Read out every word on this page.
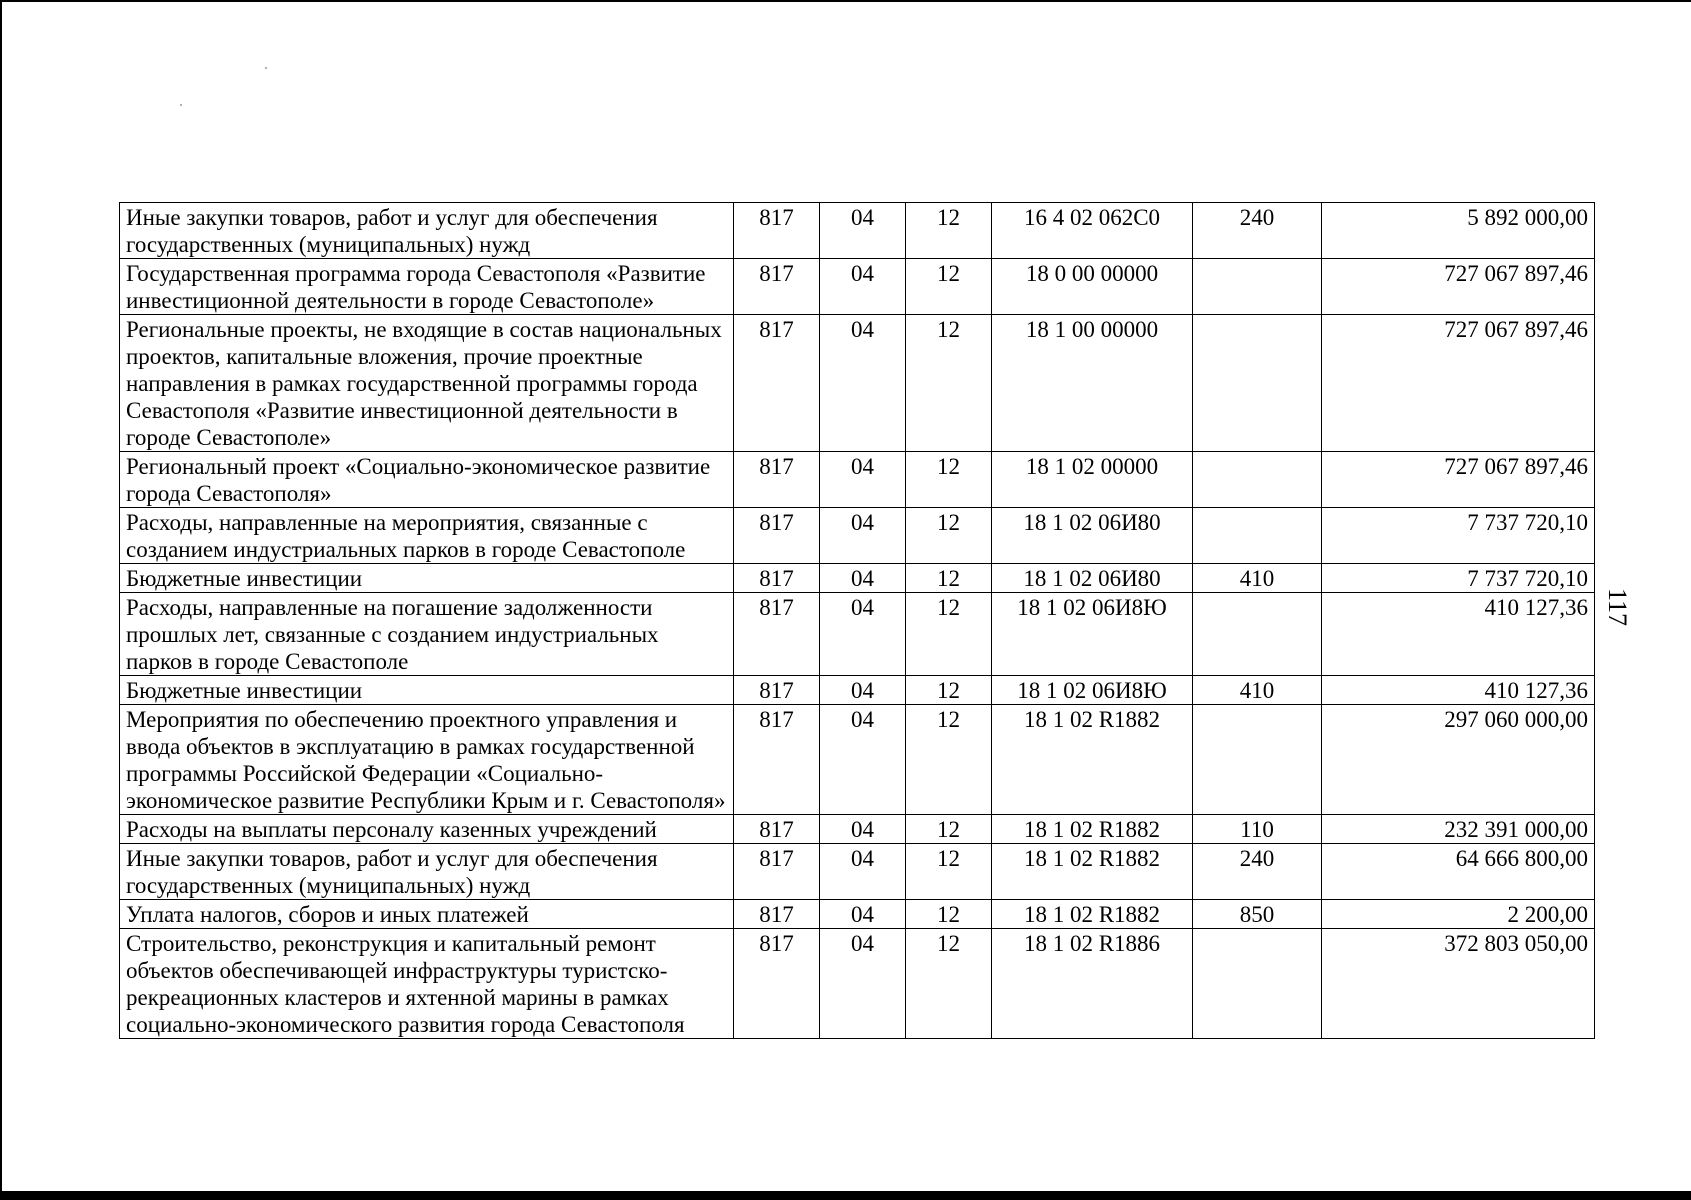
Иные закупки товаров, работ и услуг для обеспечения государственных (муниципальных) нужд	817	04	12	16 4 02 062С0	240	5 892 000,00
Государственная программа города Севастополя «Развитие инвестиционной деятельности в городе Севастополе»	817	04	12	18 0 00 00000		727 067 897,46
Региональные проекты, не входящие в состав национальных проектов, капитальные вложения, прочие проектные направления в рамках государственной программы города Севастополя «Развитие инвестиционной деятельности в городе Севастополе»	817	04	12	18 1 00 00000		727 067 897,46
Региональный проект «Социально-экономическое развитие города Севастополя»	817	04	12	18 1 02 00000		727 067 897,46
Расходы, направленные на мероприятия, связанные с созданием индустриальных парков в городе Севастополе	817	04	12	18 1 02 06И80		7 737 720,10
Бюджетные инвестиции	817	04	12	18 1 02 06И80	410	7 737 720,10
Расходы, направленные на погашение задолженности прошлых лет, связанные с созданием индустриальных парков в городе Севастополе	817	04	12	18 1 02 06И8Ю		410 127,36
Бюджетные инвестиции	817	04	12	18 1 02 06И8Ю	410	410 127,36
Мероприятия по обеспечению проектного управления и ввода объектов в эксплуатацию в рамках государственной программы Российской Федерации «Социально-экономическое развитие Республики Крым и г. Севастополя»	817	04	12	18 1 02 R1882		297 060 000,00
Расходы на выплаты персоналу казенных учреждений	817	04	12	18 1 02 R1882	110	232 391 000,00
Иные закупки товаров, работ и услуг для обеспечения государственных (муниципальных) нужд	817	04	12	18 1 02 R1882	240	64 666 800,00
Уплата налогов, сборов и иных платежей	817	04	12	18 1 02 R1882	850	2 200,00
Строительство, реконструкция и капитальный ремонт объектов обеспечивающей инфраструктуры туристско-рекреационных кластеров и яхтенной марины в рамках социально-экономического развития города Севастополя	817	04	12	18 1 02 R1886		372 803 050,00
117
